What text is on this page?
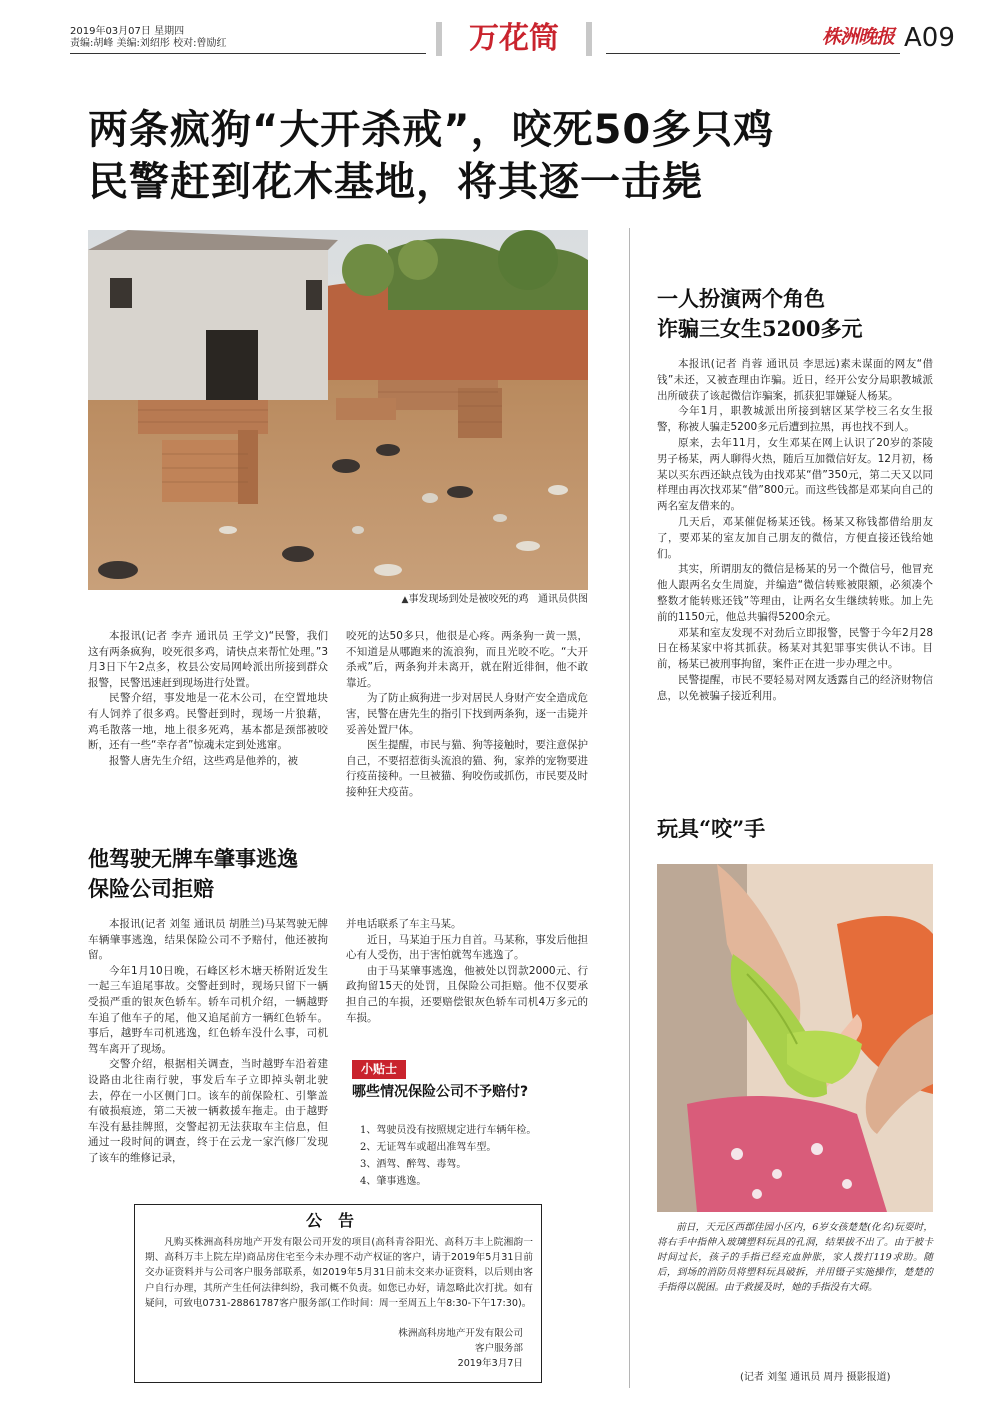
2019年03月07日 星期四
责编:胡峰 美编:刘绍彤 校对:曾励红	万花筒	株洲晚报 A09
两条疯狗“大开杀戒”，咬死50多只鸡
民警赶到花木基地，将其逐一击毙
▲事发现场到处是被咬死的鸡 通讯员供图

本报讯(记者 李卉 通讯员 王学文)“民警，我们这有两条疯狗，咬死很多鸡，请快点来帮忙处理。”3月3日下午2点多，枚县公安局网岭派出所接到群众报警，民警迅速赶到现场进行处置。

民警介绍，事发地是一花木公司，在空置地块有人饲养了很多鸡。民警赶到时，现场一片狼藉，鸡毛散落一地，地上很多死鸡，基本都是颈部被咬断，还有一些“幸存者”惊魂未定到处逃窜。

报警人唐先生介绍，这些鸡是他养的，被

咬死的达50多只，他很是心疼。两条狗一黄一黑，不知道是从哪跑来的流浪狗，而且光咬不吃。“大开杀戒”后，两条狗并未离开，就在附近徘徊，他不敢靠近。

为了防止疯狗进一步对居民人身财产安全造成危害，民警在唐先生的指引下找到两条狗，逐一击毙并妥善处置尸体。

医生提醒，市民与猫、狗等接触时，要注意保护自己，不要招惹街头流浪的猫、狗，家养的宠物要进行疫苗接种。一旦被猫、狗咬伤或抓伤，市民要及时接种狂犬疫苗。

一人扮演两个角色
诈骗三女生5200多元

本报讯(记者 肖蓉 通讯员 李思远)素未谋面的网友“借钱”未还，又被查理由诈骗。近日，经开公安分局职教城派出所破获了该起微信诈骗案，抓获犯罪嫌疑人杨某。

今年1月，职教城派出所接到辖区某学校三名女生报警，称被人骗走5200多元后遭到拉黑，再也找不到人。

原来，去年11月，女生邓某在网上认识了20岁的茶陵男子杨某，两人聊得火热，随后互加微信好友。12月初，杨某以买东西还缺点钱为由找邓某“借”350元，第二天又以同样理由再次找邓某“借”800元。而这些钱都是邓某向自己的两名室友借来的。

几天后，邓某催促杨某还钱。杨某又称钱都借给朋友了，要邓某的室友加自己朋友的微信，方便直接还钱给她们。

其实，所谓朋友的微信是杨某的另一个微信号，他冒充他人跟两名女生周旋，并编造“微信转账被限额，必须凑个整数才能转账还钱”等理由，让两名女生继续转账。加上先前的1150元，他总共骗得5200余元。

邓某和室友发现不对劲后立即报警，民警于今年2月28日在杨某家中将其抓获。杨某对其犯罪事实供认不讳。目前，杨某已被刑事拘留，案件正在进一步办理之中。

民警提醒，市民不要轻易对网友透露自己的经济财物信息，以免被骗子接近利用。

他驾驶无牌车肇事逃逸
保险公司拒赔

本报讯(记者 刘玺 通讯员 胡胜兰)马某驾驶无牌车辆肇事逃逸，结果保险公司不予赔付，他还被拘留。

今年1月10日晚，石峰区杉木塘天桥附近发生一起三车追尾事故。交警赶到时，现场只留下一辆受损严重的银灰色轿车。轿车司机介绍，一辆越野车追了他车子的尾，他又追尾前方一辆红色轿车。事后，越野车司机逃逸，红色轿车没什么事，司机驾车离开了现场。

交警介绍，根据相关调查，当时越野车沿着建设路由北往南行驶，事发后车子立即掉头朝北驶去，停在一小区侧门口。该车的前保险杠、引擎盖有破损痕迹，第二天被一辆救援车拖走。由于越野车没有悬挂牌照，交警起初无法获取车主信息，但通过一段时间的调查，终于在云龙一家汽修厂发现了该车的维修记录，

并电话联系了车主马某。

近日，马某迫于压力自首。马某称，事发后他担心有人受伤，出于害怕就驾车逃逸了。

由于马某肇事逃逸，他被处以罚款2000元、行政拘留15天的处罚，且保险公司拒赔。他不仅要承担自己的车损，还要赔偿银灰色轿车司机4万多元的车损。

小贴士
哪些情况保险公司不予赔付?
1、驾驶员没有按照规定进行车辆年检。
2、无证驾车或超出准驾车型。
3、酒驾、醉驾、毒驾。
4、肇事逃逸。
公告
凡购买株洲高科房地产开发有限公司开发的项目(高科青谷阳光、高科万丰上院湘韵一期、高科万丰上院左岸)商品房住宅至今未办理不动产权证的客户，请于2019年5月31日前交办证资料并与公司客户服务部联系，如2019年5月31日前未交来办证资料，以后则由客户自行办理，其所产生任何法律纠纷，我司概不负责。如您已办好，请忽略此次打扰。如有疑问，可致电0731-28861787客户服务部(工作时间：周一至周五上午8:30-下午17:30)。
株洲高科房地产开发有限公司
客户服务部
2019年3月7日
玩具“咬”手

前日，天元区西郡佳园小区内，6岁女孩楚楚(化名)玩耍时，将右手中指伸入玻璃塑料玩具的孔洞，结果拔不出了。由于被卡时间过长，孩子的手指已经充血肿胀，家人拨打119求助。随后，到场的消防员将塑料玩具破拆，并用镊子实施操作，楚楚的手指得以脱困。由于救援及时，她的手指没有大碍。

(记者 刘玺 通讯员 周丹 摄影报道)
